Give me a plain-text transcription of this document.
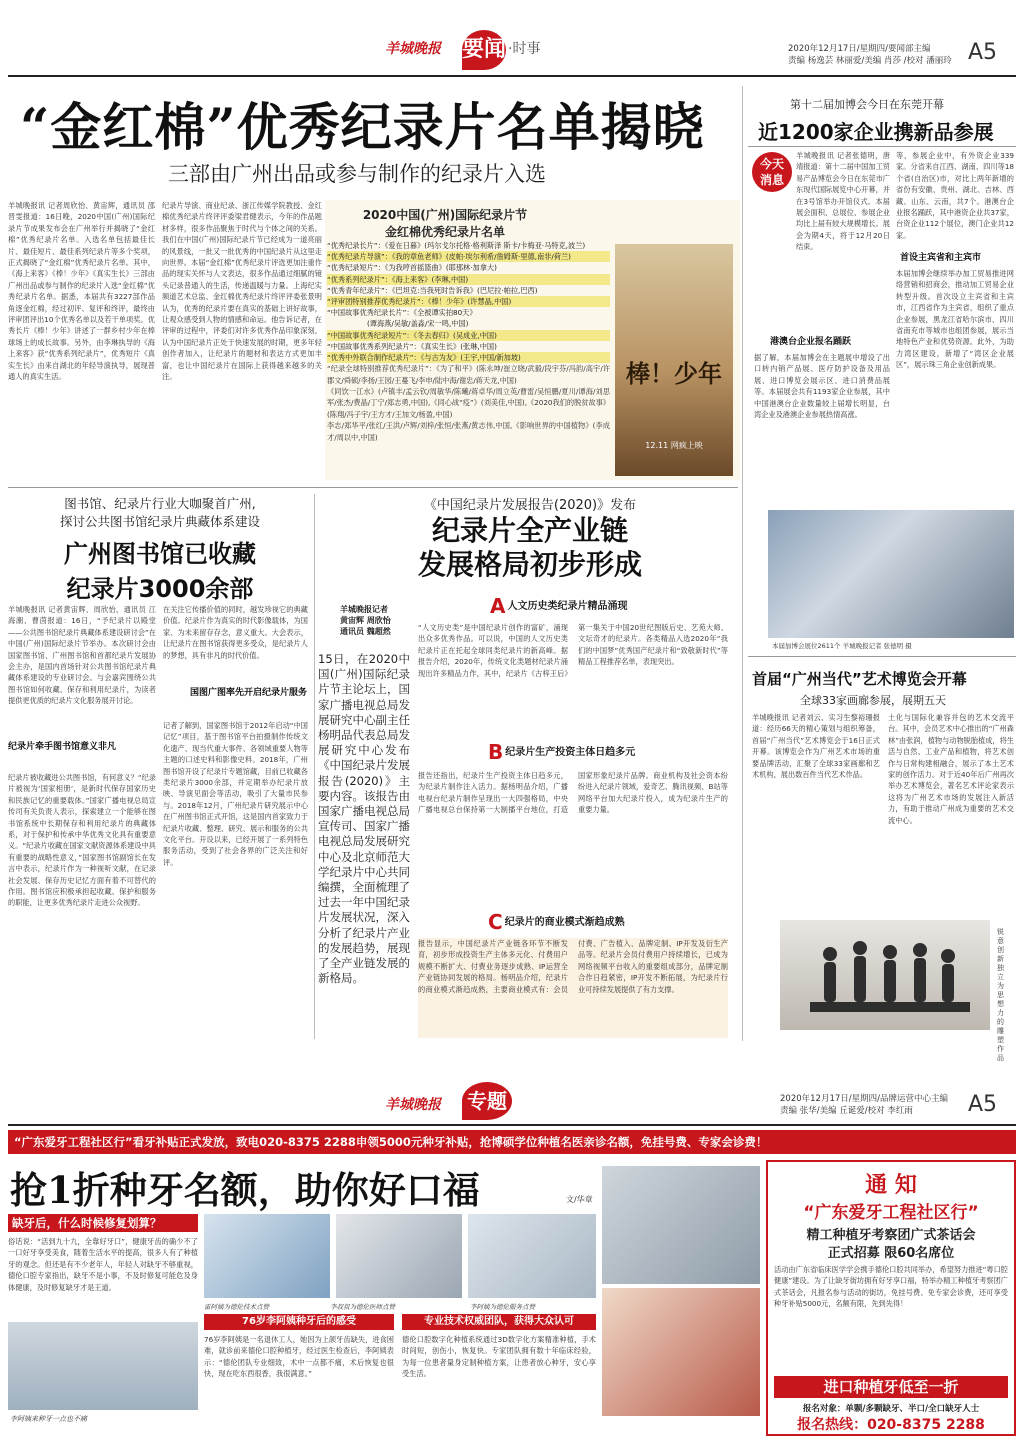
羊城晚报 要闻 ·时事	2020年12月17日/星期四/要闻部主编
责编 杨逸芸 林丽爱/美编 肖莎 /校对 潘丽玲 A5
“金红棉”优秀纪录片名单揭晓
三部由广州出品或参与制作的纪录片入选
羊城晚报讯 记者周欣怡、黄宙辉，通讯员 邵晋雯报道：16日晚，2020中国(广州)国际纪录片节成果发布会在广州举行并揭晓了“金红棉”优秀纪录片名单。入选名单包括最佳长片、最佳短片、最佳系列纪录片等多个奖项，正式揭晓了“金红棉”优秀纪录片名单。其中，《海上来客》《棒！少年》《真实生长》三部由广州出品或参与制作的纪录片入选“金红棉”优秀纪录片名单。据悉，本届共有3227部作品角逐金红棉，经过初评、复评和终评，最终由评审团评出10个优秀名单以及若干单项奖。优秀长片《棒！少年》讲述了一群乡村少年在棒球场上的成长故事。另外，由李琳执导的《海上来客》获“优秀系列纪录片”，优秀短片《真实生长》由来自湖北的年轻导演执导，展现普通人的真实生活。
纪录片导演、商业纪录、浙江传媒学院教授、金红棉优秀纪录片终评评委梁君健表示，今年的作品题材多样，很多作品聚焦于时代与个体之间的关系。我们在中国(广州)国际纪录片节已经成为一道亮丽的风景线，一批又一批优秀的中国纪录片从这里走向世界。本届“金红棉”优秀纪录片评选更加注重作品的现实关怀与人文表达，很多作品通过细腻的镜头记录普通人的生活，传递温暖与力量。上海纪实频道艺术总监、金红棉优秀纪录片终评评委张景明认为，优秀的纪录片要在真实的基础上讲好故事，让观众感受到人物的情感和命运。他告诉记者，在评审的过程中，评委们对许多优秀作品印象深刻，认为中国纪录片正处于快速发展的时期，更多年轻创作者加入，让纪录片的题材和表达方式更加丰富，也让中国纪录片在国际上获得越来越多的关注。
2020中国(广州)国际纪录片节
金红棉优秀纪录片名单
“优秀纪录长片”：《爱在日暮》(玛尔戈尔托格·格利斯泽 斯卡/卡梅亚·马特克,波兰)
“优秀纪录片导演”：《我的章鱼老师》(皮帕·埃尔利希/詹姆斯·里德,南非/荷兰)
“优秀纪录短片”：《为我哼首摇篮曲》(耶那林·加拿大)
“优秀系列纪录片”：《海上来客》(李琳,中国)
“优秀青年纪录片”：《巴坦克:当我死时告诉我》(巴尼拉·帕拉,巴西)
“评审团特别推荐优秀纪录片”：《棒！少年》(许慧晶,中国)
“中国故事优秀纪录长片”：《全被谭实拍80天》
(谭海燕/吴敏/盖淼/宋一鸣,中国)
“中国故事优秀纪录短片”：《冬去春归》(吴成业,中国)
“中国故事优秀系列纪录片”：《真实生长》(张琳,中国)
“优秀中外联合制作纪录片”：《与古为友》(王宇,中国/新加坡)
“纪录全球特别推荐优秀纪录片”：《为了和平》(陈永坤/崔立晓/武毅/段宇芬/冯韵/高宇/许郡文/舜硕/李扬/王园/王蔓飞/李申/陆中海/谢忠/蒋天龙,中国)
《同饮一江水》(卢镇丰/孟云钦/周敏华/陈曦/蒋卓华/周立英/曹雷/吴恒鹏/夏川/谭海/刘思军/张杰/费晶/丁宁/郑志勇,中国),《同心战“疫”》(刘美佳,中国),《2020我们的脱贫故事》(陈翔/冯子宇/王方才/王加文/杨盈,中国)
李志/郑华平/张红/王洪/卢辉/刘梓/张恒/张燕/黄志伟,中国,《影响世界的中国植物》(李成才/周以中,中国)
棒！少年
12.11 网疯上映
图书馆、纪录片行业大咖聚首广州,
探讨公共图书馆纪录片典藏体系建设
广州图书馆已收藏
纪录片3000余部
羊城晚报讯 记者黄宙辉、周欣怡，通讯员 江海潮、曹茵报道：16日，“予纪录片以殿堂——公共图书馆纪录片典藏体系建设研讨会”在中国(广州)国际纪录片节举办。本次研讨会由国家图书馆、广州图书馆和首都纪录片发展协会主办，是国内首场针对公共图书馆纪录片典藏体系建设的专业研讨会。与会嘉宾围绕公共图书馆如何收藏、保存和利用纪录片，为读者提供更优质的纪录片文化服务展开讨论。
纪录片牵手图书馆意义非凡
纪录片被收藏进公共图书馆，有何意义？“纪录片被视为‘国家相册’，是新时代保存国家历史和民族记忆的重要载体。”国家广播电视总局宣传司有关负责人表示，探索建立一个能够在图书馆系统中长期保存和利用纪录片的典藏体系，对于保护和传承中华优秀文化具有重要意义。“纪录片收藏在国家文献资源体系建设中具有重要的战略性意义，”国家图书馆副馆长在发言中表示，纪录片作为一种视听文献，在记录社会发展、保存历史记忆方面有着不可替代的作用。图书馆应积极承担起收藏、保护和服务的职能，让更多优秀纪录片走进公众视野。
在关注它传播价值的同时，越发珍视它的典藏价值。纪录片作为真实的时代影像载体，为国家、为未来留存存念，意义重大。大会表示，让纪录片在图书馆获得更多受众，是纪录片人的梦想，具有非凡的时代价值。
国图广图率先开启纪录片服务
记者了解到，国家图书馆于2012年启动“中国记忆”项目，基于图书馆平台拍摄制作传统文化遗产、现当代重大事件、各领域重要人物等主题的口述史料和影像史料。2018年，广州图书馆开设了纪录片专题馆藏，目前已收藏各类纪录片3000余部，并定期举办纪录片放映、导演见面会等活动，吸引了大量市民参与。2018年12月，广州纪录片研究展示中心在广州图书馆正式开馆，这是国内首家致力于纪录片收藏、整理、研究、展示和服务的公共文化平台。开设以来，已经开展了一系列特色服务活动，受到了社会各界的广泛关注和好评。
《中国纪录片发展报告(2020)》发布
纪录片全产业链
发展格局初步形成
羊城晚报记者
黄宙辉 周欣怡
通讯员 魏超然
15日，在2020中国(广州)国际纪录片节主论坛上，国家广播电视总局发展研究中心副主任杨明品代表总局发展研究中心发布《中国纪录片发展报告(2020)》主要内容。该报告由国家广播电视总局宣传司、国家广播电视总局发展研究中心及北京师范大学纪录片中心共同编撰，全面梳理了过去一年中国纪录片发展状况，深入分析了纪录片产业的发展趋势，展现了全产业链发展的新格局。
A人文历史类纪录片精品涌现
“人文历史类”是中国纪录片创作的富矿，涌现出众多优秀作品。可以说，中国的人文历史类纪录片正在托起全球同类纪录片的新高峰。据报告介绍，2020年，传统文化类题材纪录片涌现出许多精品力作，其中，纪录片《古梓王后》第一集关于中国20世纪图版后史、艺苑大师、文坛奇才的纪录片。各类精品入选2020年“我们的中国梦”优秀国产纪录片和“致敬新时代”等精品工程推荐名单，表现突出。
B纪录片生产投资主体日趋多元
报告还指出，纪录片生产投资主体日趋多元，为纪录片制作注入活力。据杨明品介绍，广播电视台纪录片制作呈现出一大四强格局，中央广播电视总台保持第一大制播平台地位，打造国家形象纪录片品牌。商业机构及社会资本纷纷进入纪录片领域，爱奇艺、腾讯视频、B站等网络平台加大纪录片投入，成为纪录片生产的重要力量。
C纪录片的商业模式渐趋成熟
报告显示，中国纪录片产业链各环节不断发育，初步形成投资生产主体多元化、付费用户规模不断扩大、付费业务逐步成熟、IP运营全产业链协同发展的格局。杨明品介绍，纪录片的商业模式渐趋成熟，主要商业模式有：会员付费、广告植入、品牌定制、IP开发及衍生产品等。纪录片会员付费用户持续增长，已成为网络视频平台收入的重要组成部分，品牌定制合作日趋紧密，IP开发不断拓展，为纪录片行业可持续发展提供了有力支撑。
第十二届加博会今日在东莞开幕
近1200家企业携新品参展
今天
消息
羊城晚报讯 记者张德明，唐靖报道：第十二届中国加工贸易产品博览会今日在东莞市广东现代国际展览中心开幕，并在3号馆举办开馆仪式。本届展会面积、总展位、参展企业均比上届有较大规模增长。展会为期4天，将于12月20日结束。
港澳台企业报名踊跃
据了解，本届加博会在主题展中增设了出口转内销产品展、医疗防护设备及用品展、进口博览会展示区、进口消费品展等。本届展会共有1193家企业参展，其中中国港澳台企业数量较上届增长明显，台湾企业及港澳企业参展热情高涨。
等，参展企业中，有外资企业339家。分省来自江西、湖南、四川等18个省(自治区)市，对比上两年新增的省份有安徽、贵州、湖北、吉林、西藏、山东、云南，共7个。港澳台企业报名踊跃，其中港资企业共37家，台资企业112个展位，澳门企业共12家。
首设主宾省和主宾市
本届加博会继续举办加工贸易推进网络营销和招商会，推动加工贸易企业转型升级。首次设立主宾省和主宾市，江西省作为主宾省，组织了重点企业参展，黑龙江省哈尔滨市、四川省南充市等城市也组团参展，展示当地特色产业和优势资源。此外，为助力湾区建设，新增了“湾区企业展区”，展示珠三角企业创新成果。
本届加博会展位2611个 羊城晚报记者 张德明 摄
首届“广州当代”艺术博览会开幕
全球33家画廊参展，展期五天
羊城晚报讯 记者刘云、实习生黎裕珊报道：经历66天的精心策划与组织筹备，首届“广州当代”艺术博览会于16日正式开幕。该博览会作为广州艺术市场的重要品牌活动，汇聚了全球33家画廊和艺术机构，展出数百件当代艺术作品。
土化与国际化兼容并包的艺术交流平台。其中，会员艺术中心推出的“广州森林”由张润，植物与动物脱胎植成，将生活与自然、工业产品和植物，将艺术创作与日常构建相融合，展示了本土艺术家的创作活力。对于近40年后广州再次举办艺术博览会，著名艺术评论家表示这将为广州艺术市场的发展注入新活力，有助于推动广州成为重要的艺术交流中心。
锐意创新独立为思想力的雕塑作品
羊城晚报 专题	2020年12月17日/星期四/品牌运营中心主编
责编 张华/美编 丘诞爱/校对 李红雨	A5
“广东爱牙工程社区行”看牙补贴正式发放，致电020-8375 2288申领5000元种牙补贴，抢博硕学位种植名医亲诊名额，免挂号费、专家会诊费！
抢1折种牙名额，助你好口福	文/华章
缺牙后，什么时候修复划算？
俗话说：“活到九十九，全靠好牙口”，健康牙齿的确少不了一口好牙享受美食，随着生活水平的提高，很多人有了种植牙的观念。但还是有不少老年人，年轻人对缺牙不够重视，德伦口腔专家指出，缺牙不是小事，不及时修复可能危及身体健康，及时修复缺牙才是王道。
李阿姨来种牙一点也不痛
雷阿姨为德伦技术点赞	李叔叔为德伦医师点赞	李阿姨为德伦服务点赞
76岁李阿姨种牙后的感受
76岁李阿姨是一名退休工人，她因为上颌牙齿缺失，进食困难，就诊前来德伦口腔种植牙，经过医生检查后，李阿姨表示：“德伦团队专业细致，术中一点都不痛，术后恢复也很快，现在吃东西很香，我很满意。”
专业技术权威团队，获得大众认可
德伦口腔数字化种植系统通过3D数字化方案精准种植，手术时间短，创伤小，恢复快。专家团队拥有数十年临床经验，为每一位患者量身定制种植方案，让患者放心种牙，安心享受生活。
通 知
“广东爱牙工程社区行”
精工种植牙考察团广式茶话会
正式招募 限60名席位
活动由广东省临床医学学会携手德伦口腔共同举办，希望努力推进“粤口腔健康”建设。为了让缺牙街坊拥有好牙享口福，特举办精工种植牙考察团广式茶话会，凡报名参与活动的街坊，免挂号费、免专家会诊费，还可享受种牙补贴5000元，名额有限，先到先得！
进口种植牙低至一折
报名对象：单颗/多颗缺牙、半口/全口缺牙人士
报名热线：020-8375 2288
